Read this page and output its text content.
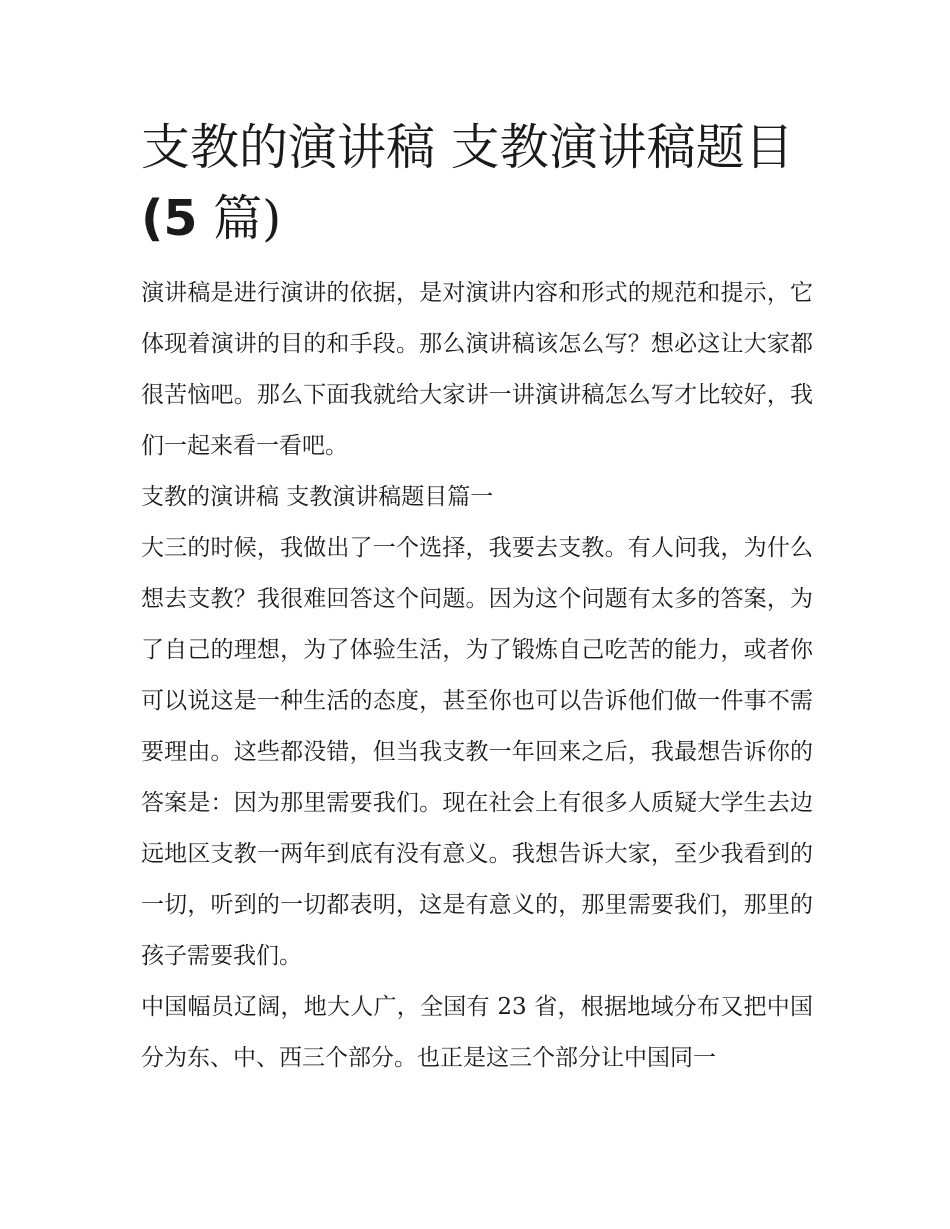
支教的演讲稿 支教演讲稿题目
(5 篇)

演讲稿是进行演讲的依据，是对演讲内容和形式的规范和提示，它体现着演讲的目的和手段。那么演讲稿该怎么写？想必这让大家都很苦恼吧。那么下面我就给大家讲一讲演讲稿怎么写才比较好，我们一起来看一看吧。

支教的演讲稿 支教演讲稿题目篇一

大三的时候，我做出了一个选择，我要去支教。有人问我，为什么想去支教？我很难回答这个问题。因为这个问题有太多的答案，为了自己的理想，为了体验生活，为了锻炼自己吃苦的能力，或者你可以说这是一种生活的态度，甚至你也可以告诉他们做一件事不需要理由。这些都没错，但当我支教一年回来之后，我最想告诉你的答案是：因为那里需要我们。现在社会上有很多人质疑大学生去边远地区支教一两年到底有没有意义。我想告诉大家，至少我看到的一切，听到的一切都表明，这是有意义的，那里需要我们，那里的孩子需要我们。

中国幅员辽阔，地大人广，全国有 23 省，根据地域分布又把中国分为东、中、西三个部分。也正是这三个部分让中国同一
